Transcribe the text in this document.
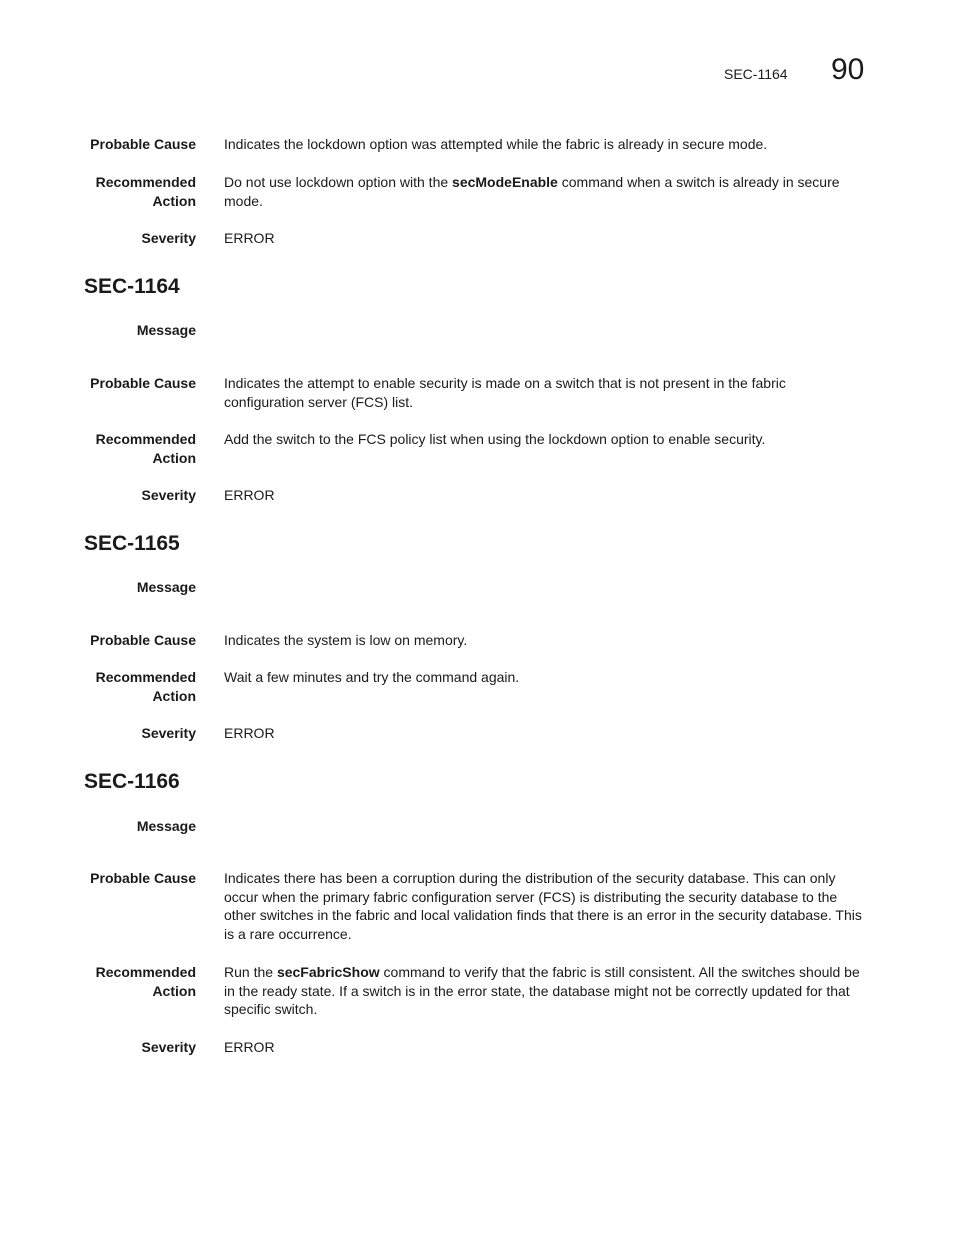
SEC-1164 90
Probable Cause Indicates the lockdown option was attempted while the fabric is already in secure mode.
Recommended
Action
Do not use lockdown option with the secModeEnable command when a switch is already in secure mode.
Severity ERROR
SEC-1164
Message
Probable Cause Indicates the attempt to enable security is made on a switch that is not present in the fabric configuration server (FCS) list.
Recommended
Action
Add the switch to the FCS policy list when using the lockdown option to enable security.
Severity ERROR
SEC-1165
Message
Probable Cause Indicates the system is low on memory.
Recommended
Action
Wait a few minutes and try the command again.
Severity ERROR
SEC-1166
Message
Probable Cause Indicates there has been a corruption during the distribution of the security database. This can only occur when the primary fabric configuration server (FCS) is distributing the security database to the other switches in the fabric and local validation finds that there is an error in the security database. This is a rare occurrence.
Recommended
Action
Run the secFabricShow command to verify that the fabric is still consistent. All the switches should be in the ready state. If a switch is in the error state, the database might not be correctly updated for that specific switch.
Severity ERROR
